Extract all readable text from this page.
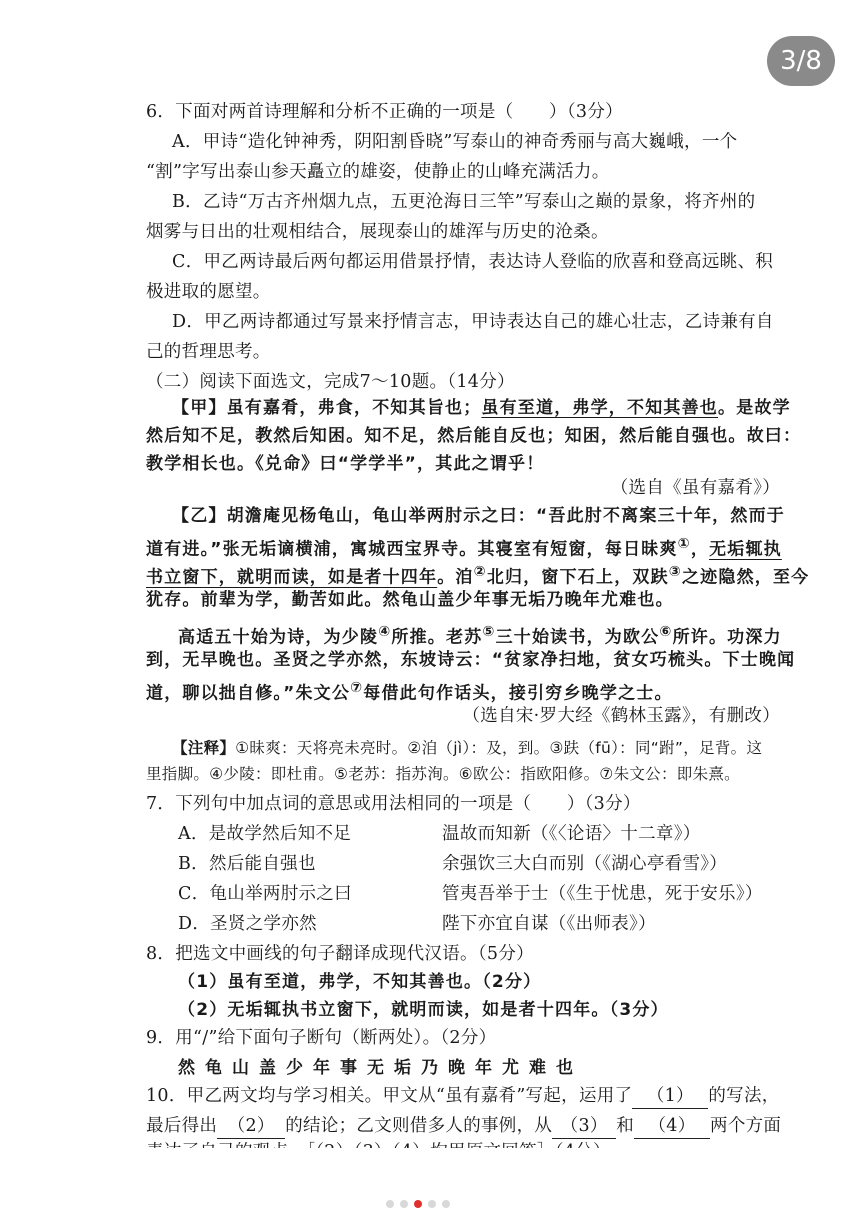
3/8
6．下面对两首诗理解和分析不正确的一项是（　　）（3分）
A．甲诗“造化钟神秀，阴阳割昏晓”写泰山的神奇秀丽与高大巍峨，一个
“割”字写出泰山参天矗立的雄姿，使静止的山峰充满活力。
B．乙诗“万古齐州烟九点，五更沧海日三竿”写泰山之巅的景象，将齐州的
烟雾与日出的壮观相结合，展现泰山的雄浑与历史的沧桑。
C．甲乙两诗最后两句都运用借景抒情，表达诗人登临的欣喜和登高远眺、积
极进取的愿望。
D．甲乙两诗都通过写景来抒情言志，甲诗表达自己的雄心壮志，乙诗兼有自
己的哲理思考。
（二）阅读下面选文，完成7～10题。（14分）
【甲】虽有嘉肴，弗食，不知其旨也；虽有至道，弗学，不知其善也。是故学
然后知不足，教然后知困。知不足，然后能自反也；知困，然后能自强也。故曰：
教学相长也。《兑命》曰“学学半”，其此之谓乎！
（选自《虽有嘉肴》）
【乙】胡澹庵见杨龟山，龟山举两肘示之曰：“吾此肘不离案三十年，然而于
道有进。”张无垢谪横浦，寓城西宝界寺。其寝室有短窗，每日昧爽①，无垢辄执
书立窗下，就明而读，如是者十四年。洎②北归，窗下石上，双趺③之迹隐然，至今
犹存。前辈为学，勤苦如此。然龟山盖少年事无垢乃晚年尤难也。
高适五十始为诗，为少陵④所推。老苏⑤三十始读书，为欧公⑥所许。功深力
到，无早晚也。圣贤之学亦然，东坡诗云：“贫家净扫地，贫女巧梳头。下士晚闻
道，聊以拙自修。”朱文公⑦每借此句作话头，接引穷乡晚学之士。
（选自宋·罗大经《鹤林玉露》，有删改）
【注释】①昧爽：天将亮未亮时。②洎（jì）：及，到。③趺（fū）：同“跗”，足背。这
里指脚。④少陵：即杜甫。⑤老苏：指苏洵。⑥欧公：指欧阳修。⑦朱文公：即朱熹。
7．下列句中加点词的意思或用法相同的一项是（　　）（3分）
A．是故学然后知不足	温故而知新（《〈论语〉十二章》）
B．然后能自强也	余强饮三大白而别（《湖心亭看雪》）
C．龟山举两肘示之曰	管夷吾举于士（《生于忧患，死于安乐》）
D．圣贤之学亦然	陛下亦宜自谋（《出师表》）
8．把选文中画线的句子翻译成现代汉语。（5分）
（1）虽有至道，弗学，不知其善也。（2分）
（2）无垢辄执书立窗下，就明而读，如是者十四年。（3分）
9．用“/”给下面句子断句（断两处）。（2分）
然龟山盖少年事无垢乃晚年尤难也
10．甲乙两文均与学习相关。甲文从“虽有嘉肴”写起，运用了 （1） 的写法，
最后得出 （2） 的结论；乙文则借多人的事例，从 （3） 和 （4） 两个方面
